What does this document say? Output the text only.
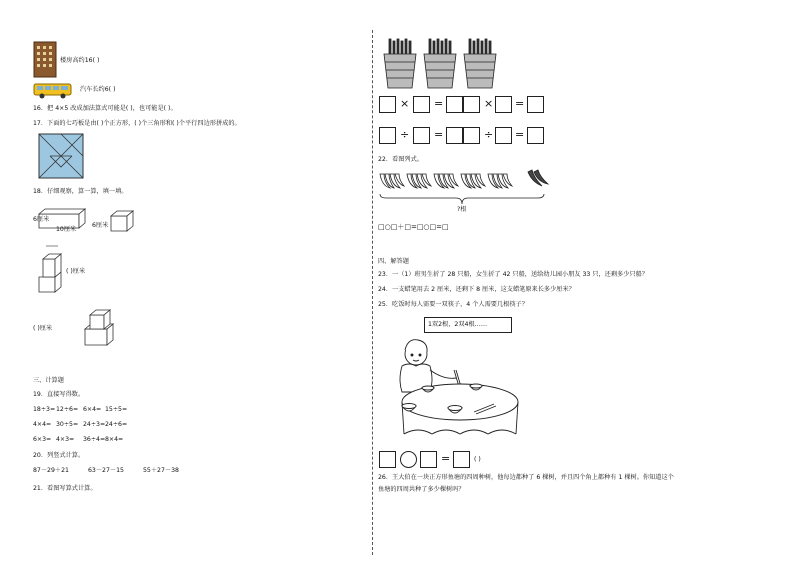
楼房高约16( )
汽车长约6( )
16．把 4×5 改成加法算式可能是( )，也可能是( )。
17．下面的七巧板是由( )个正方形，( )个三角形和( )个平行四边形拼成的。
18．仔细观察，算一算，填一填。
6厘米
10厘米
6厘米
( )厘米
( )厘米
三、计算题
19．直接写得数。
18÷3= 12÷6= 6×4= 15÷5=
4×4= 30÷5= 24÷3= 24÷6=
6×3= 4×3= 36÷4= 8×4=
20．列竖式计算。
87－29＋21	63－27－15	55＋27－38
21．看图写算式计算。
× =	× =
÷ =	÷ =
22．看图列式。
?根
□○□＋□=□○□=□
四、解答题
23．一（1）班男生折了 28 只船，女生折了 42 只船，送给幼儿园小朋友 33 只，还剩多少只船？
24．一支蜡笔用去 2 厘米，还剩下 8 厘米，这支蜡笔原来长多少厘米？
25．吃饭时每人需要一双筷子，4 个人需要几根筷子？
1双2根，2双4根……
=	( )
26．王大伯在一块正方形鱼塘的四周种树，他每边都种了 6 棵树，并且四个角上都种有 1 棵树。你知道这个
鱼塘的四周共种了多少棵树吗？
